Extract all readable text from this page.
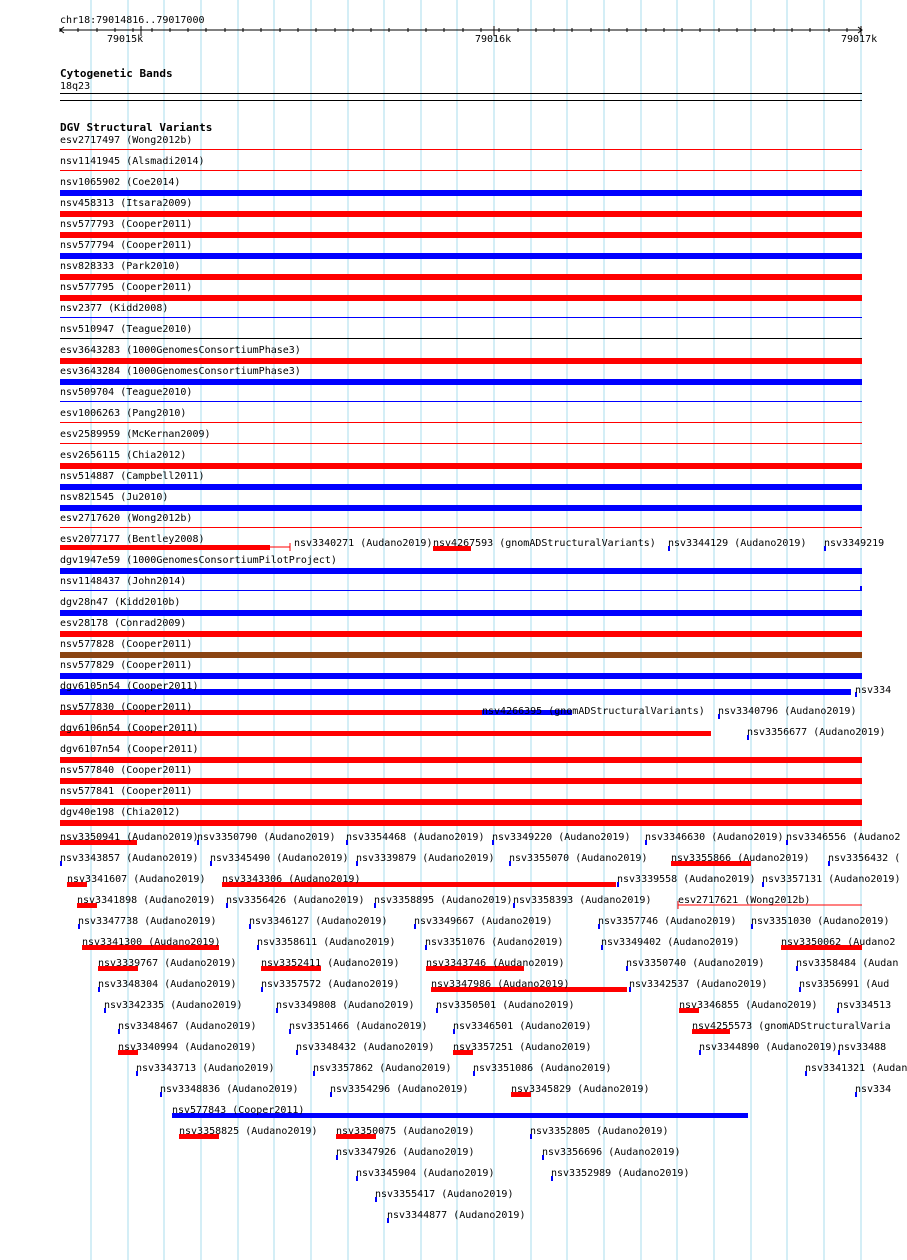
chr18:79014816..79017000
79015k	79016k	79017k
Cytogenetic Bands
18q23
DGV Structural Variants
esv2717497 (Wong2012b)
nsv1141945 (Alsmadi2014)
nsv1065902 (Coe2014)
nsv458313 (Itsara2009)
nsv577793 (Cooper2011)
nsv577794 (Cooper2011)
nsv828333 (Park2010)
nsv577795 (Cooper2011)
nsv2377 (Kidd2008)
nsv510947 (Teague2010)
esv3643283 (1000GenomesConsortiumPhase3)
esv3643284 (1000GenomesConsortiumPhase3)
nsv509704 (Teague2010)
esv1006263 (Pang2010)
esv2589959 (McKernan2009)
esv2656115 (Chia2012)
nsv514887 (Campbell2011)
nsv821545 (Ju2010)
esv2717620 (Wong2012b)
esv2077177 (Bentley2008)
dgv1947e59 (1000GenomesConsortiumPilotProject)
nsv1148437 (John2014)
dgv28n47 (Kidd2010b)
esv28178 (Conrad2009)
nsv577828 (Cooper2011)
nsv577829 (Cooper2011)
dgv6105n54 (Cooper2011)
nsv577830 (Cooper2011)
dgv6106n54 (Cooper2011)
dgv6107n54 (Cooper2011)
nsv577840 (Cooper2011)
nsv577841 (Cooper2011)
dgv40e198 (Chia2012)
nsv3340271 (Audano2019) nsv4267593 (gnomADStructuralVariants) nsv3344129 (Audano2019) nsv3349219
nsv334
nsv4266395 (gnomADStructuralVariants) nsv3340796 (Audano2019)
nsv3356677 (Audano2019)
nsv3350941 (Audano2019)
nsv3350790 (Audano2019) nsv3354468 (Audano2019) nsv3349220 (Audano2019) nsv3346630 (Audano2019) nsv3346556 (Audano2
nsv3343857 (Audano2019) nsv3345490 (Audano2019) nsv3339879 (Audano2019) nsv3355070 (Audano2019) nsv3355866 (Audano2019) nsv3356432 (
nsv3341607 (Audano2019) nsv3343306 (Audano2019)	nsv3339558 (Audano2019) nsv3357131 (Audano2019)
nsv3341898 (Audano2019) nsv3356426 (Audano2019) nsv3358895 (Audano2019) nsv3358393 (Audano2019)	esv2717621 (Wong2012b)
nsv3347738 (Audano2019)	nsv3346127 (Audano2019)	nsv3349667 (Audano2019)	nsv3357746 (Audano2019) nsv3351030 (Audano2019)
nsv3341300 (Audano2019)	nsv3358611 (Audano2019)	nsv3351076 (Audano2019)	nsv3349402 (Audano2019)	nsv3350062 (Audano2
nsv3339767 (Audano2019) nsv3352411 (Audano2019)	nsv3343746 (Audano2019)	nsv3350740 (Audano2019)	nsv3358484 (Audan
nsv3348304 (Audano2019) nsv3357572 (Audano2019)	nsv3347986 (Audano2019)	nsv3342537 (Audano2019)	nsv3356991 (Aud
nsv3342335 (Audano2019)	nsv3349808 (Audano2019) nsv3350501 (Audano2019)	nsv3346855 (Audano2019) nsv334513
nsv3348467 (Audano2019)	nsv3351466 (Audano2019)	nsv3346501 (Audano2019)	nsv4255573 (gnomADStructuralVaria
nsv3340994 (Audano2019)	nsv3348432 (Audano2019) nsv3357251 (Audano2019)	nsv3344890 (Audano2019) nsv33488
nsv3343713 (Audano2019)	nsv3357862 (Audano2019) nsv3351086 (Audano2019)	nsv3341321 (Audan
nsv3348836 (Audano2019)	nsv3354296 (Audano2019)	nsv3345829 (Audano2019)	nsv334
nsv577843 (Cooper2011)
nsv3358825 (Audano2019) nsv3350075 (Audano2019)	nsv3352805 (Audano2019)
nsv3347926 (Audano2019)	nsv3356696 (Audano2019)
nsv3345904 (Audano2019)	nsv3352989 (Audano2019)
nsv3355417 (Audano2019)
nsv3344877 (Audano2019)
